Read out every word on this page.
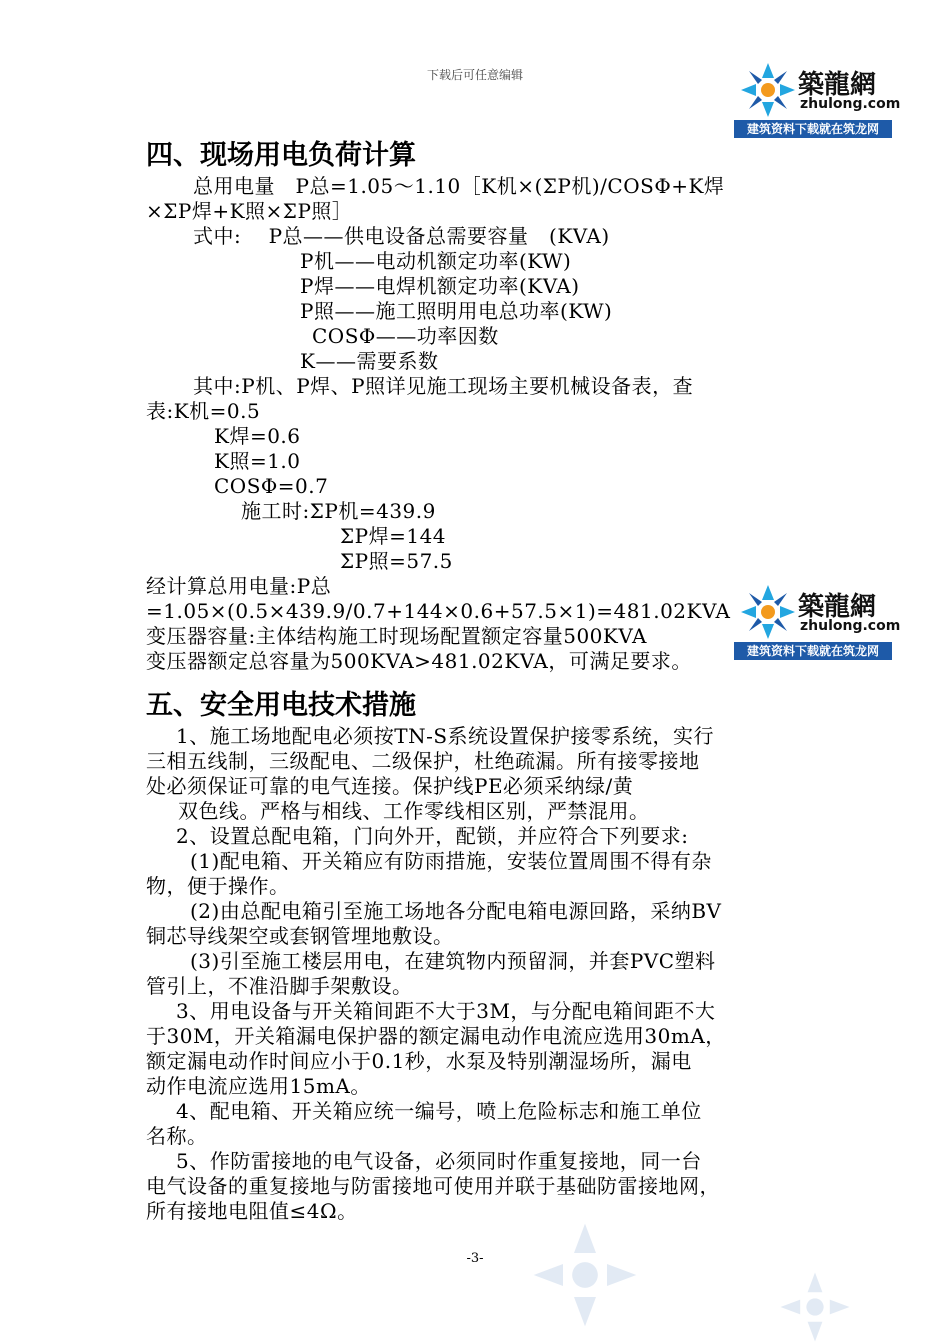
下载后可任意编辑	築龍網
zhulong.com
建筑资料下载就在筑龙网
築龍網
zhulong.com
建筑资料下载就在筑龙网
四、现场用电负荷计算
总用电量　P总=1.05～1.10［K机×(ΣP机)/COSΦ+K焊
×ΣP焊+K照×ΣP照］
式中:　 P总——供电设备总需要容量　(KVA)
P机——电动机额定功率(KW)
P焊——电焊机额定功率(KVA)
P照——施工照明用电总功率(KW)
COSΦ——功率因数
K——需要系数
其中:P机、P焊、P照详见施工现场主要机械设备表，查
表:K机=0.5
K焊=0.6
K照=1.0
COSΦ=0.7
施工时:ΣP机=439.9
ΣP焊=144
ΣP照=57.5
经计算总用电量:P总
=1.05×(0.5×439.9/0.7+144×0.6+57.5×1)=481.02KVA
变压器容量:主体结构施工时现场配置额定容量500KVA
变压器额定总容量为500KVA>481.02KVA，可满足要求。
五、安全用电技术措施
1、施工场地配电必须按TN-S系统设置保护接零系统，实行
三相五线制，三级配电、二级保护，杜绝疏漏。所有接零接地
处必须保证可靠的电气连接。保护线PE必须采纳绿/黄
双色线。严格与相线、工作零线相区别，严禁混用。
2、设置总配电箱，门向外开，配锁，并应符合下列要求:
(1)配电箱、开关箱应有防雨措施，安装位置周围不得有杂
物，便于操作。
(2)由总配电箱引至施工场地各分配电箱电源回路，采纳BV
铜芯导线架空或套钢管埋地敷设。
(3)引至施工楼层用电，在建筑物内预留洞，并套PVC塑料
管引上，不准沿脚手架敷设。
3、用电设备与开关箱间距不大于3M，与分配电箱间距不大
于30M，开关箱漏电保护器的额定漏电动作电流应选用30mA，
额定漏电动作时间应小于0.1秒，水泵及特别潮湿场所，漏电
动作电流应选用15mA。
4、配电箱、开关箱应统一编号，喷上危险标志和施工单位
名称。
5、作防雷接地的电气设备，必须同时作重复接地，同一台
电气设备的重复接地与防雷接地可使用并联于基础防雷接地网，
所有接地电阻值≤4Ω。
-3-
